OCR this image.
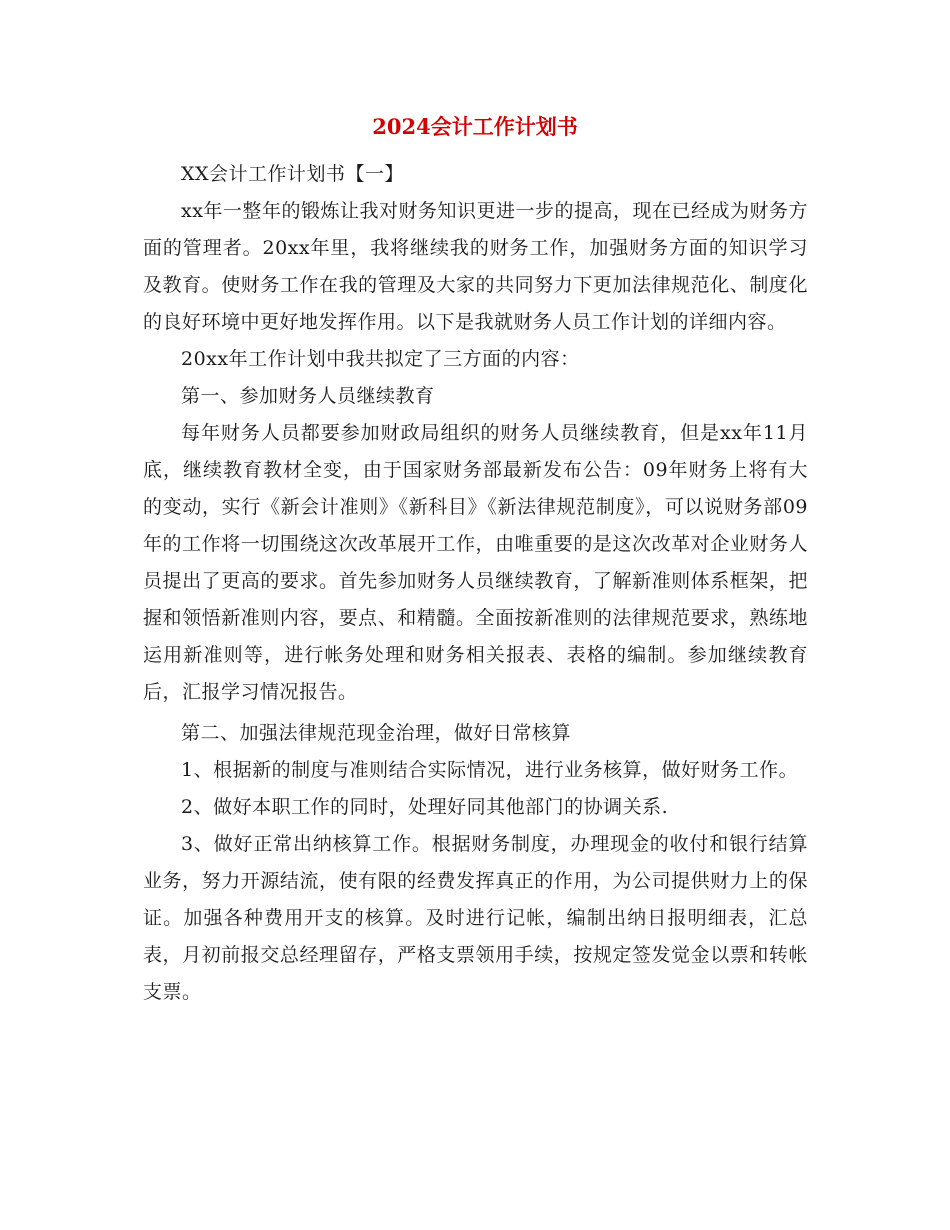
2024会计工作计划书

XX会计工作计划书【一】

xx年一整年的锻炼让我对财务知识更进一步的提高，现在已经成为财务方面的管理者。20xx年里，我将继续我的财务工作，加强财务方面的知识学习及教育。使财务工作在我的管理及大家的共同努力下更加法律规范化、制度化的良好环境中更好地发挥作用。以下是我就财务人员工作计划的详细内容。

20xx年工作计划中我共拟定了三方面的内容：

第一、参加财务人员继续教育

每年财务人员都要参加财政局组织的财务人员继续教育，但是xx年11月底，继续教育教材全变，由于国家财务部最新发布公告：09年财务上将有大的变动，实行《新会计准则》《新科目》《新法律规范制度》，可以说财务部09年的工作将一切围绕这次改革展开工作，由唯重要的是这次改革对企业财务人员提出了更高的要求。首先参加财务人员继续教育，了解新准则体系框架，把握和领悟新准则内容，要点、和精髓。全面按新准则的法律规范要求，熟练地运用新准则等，进行帐务处理和财务相关报表、表格的编制。参加继续教育后，汇报学习情况报告。

第二、加强法律规范现金治理，做好日常核算

1、根据新的制度与准则结合实际情况，进行业务核算，做好财务工作。

2、做好本职工作的同时，处理好同其他部门的协调关系.

3、做好正常出纳核算工作。根据财务制度，办理现金的收付和银行结算业务，努力开源结流，使有限的经费发挥真正的作用，为公司提供财力上的保证。加强各种费用开支的核算。及时进行记帐，编制出纳日报明细表，汇总表，月初前报交总经理留存，严格支票领用手续，按规定签发觉金以票和转帐支票。
